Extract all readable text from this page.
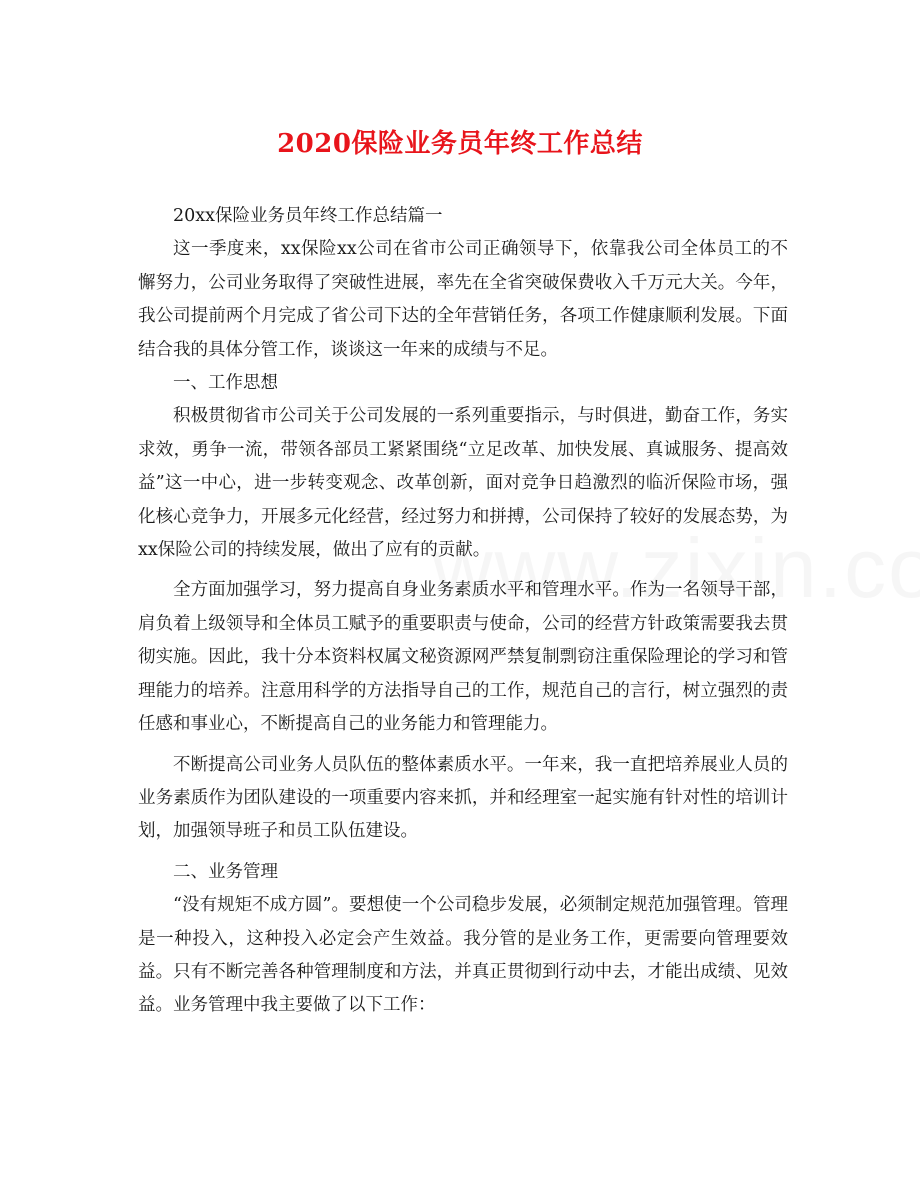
2020保险业务员年终工作总结

20xx保险业务员年终工作总结篇一

这一季度来，xx保险xx公司在省市公司正确领导下，依靠我公司全体员工的不懈努力，公司业务取得了突破性进展，率先在全省突破保费收入千万元大关。今年，我公司提前两个月完成了省公司下达的全年营销任务，各项工作健康顺利发展。下面结合我的具体分管工作，谈谈这一年来的成绩与不足。

一、工作思想

积极贯彻省市公司关于公司发展的一系列重要指示，与时俱进，勤奋工作，务实求效，勇争一流，带领各部员工紧紧围绕“立足改革、加快发展、真诚服务、提高效益”这一中心，进一步转变观念、改革创新，面对竞争日趋激烈的临沂保险市场，强化核心竞争力，开展多元化经营，经过努力和拼搏，公司保持了较好的发展态势，为xx保险公司的持续发展，做出了应有的贡献。

全方面加强学习，努力提高自身业务素质水平和管理水平。作为一名领导干部，肩负着上级领导和全体员工赋予的重要职责与使命，公司的经营方针政策需要我去贯彻实施。因此，我十分本资料权属文秘资源网严禁复制剽窃注重保险理论的学习和管理能力的培养。注意用科学的方法指导自己的工作，规范自己的言行，树立强烈的责任感和事业心，不断提高自己的业务能力和管理能力。

不断提高公司业务人员队伍的整体素质水平。一年来，我一直把培养展业人员的业务素质作为团队建设的一项重要内容来抓，并和经理室一起实施有针对性的培训计划，加强领导班子和员工队伍建设。

二、业务管理

“没有规矩不成方圆”。要想使一个公司稳步发展，必须制定规范加强管理。管理是一种投入，这种投入必定会产生效益。我分管的是业务工作，更需要向管理要效益。只有不断完善各种管理制度和方法，并真正贯彻到行动中去，才能出成绩、见效益。业务管理中我主要做了以下工作：
